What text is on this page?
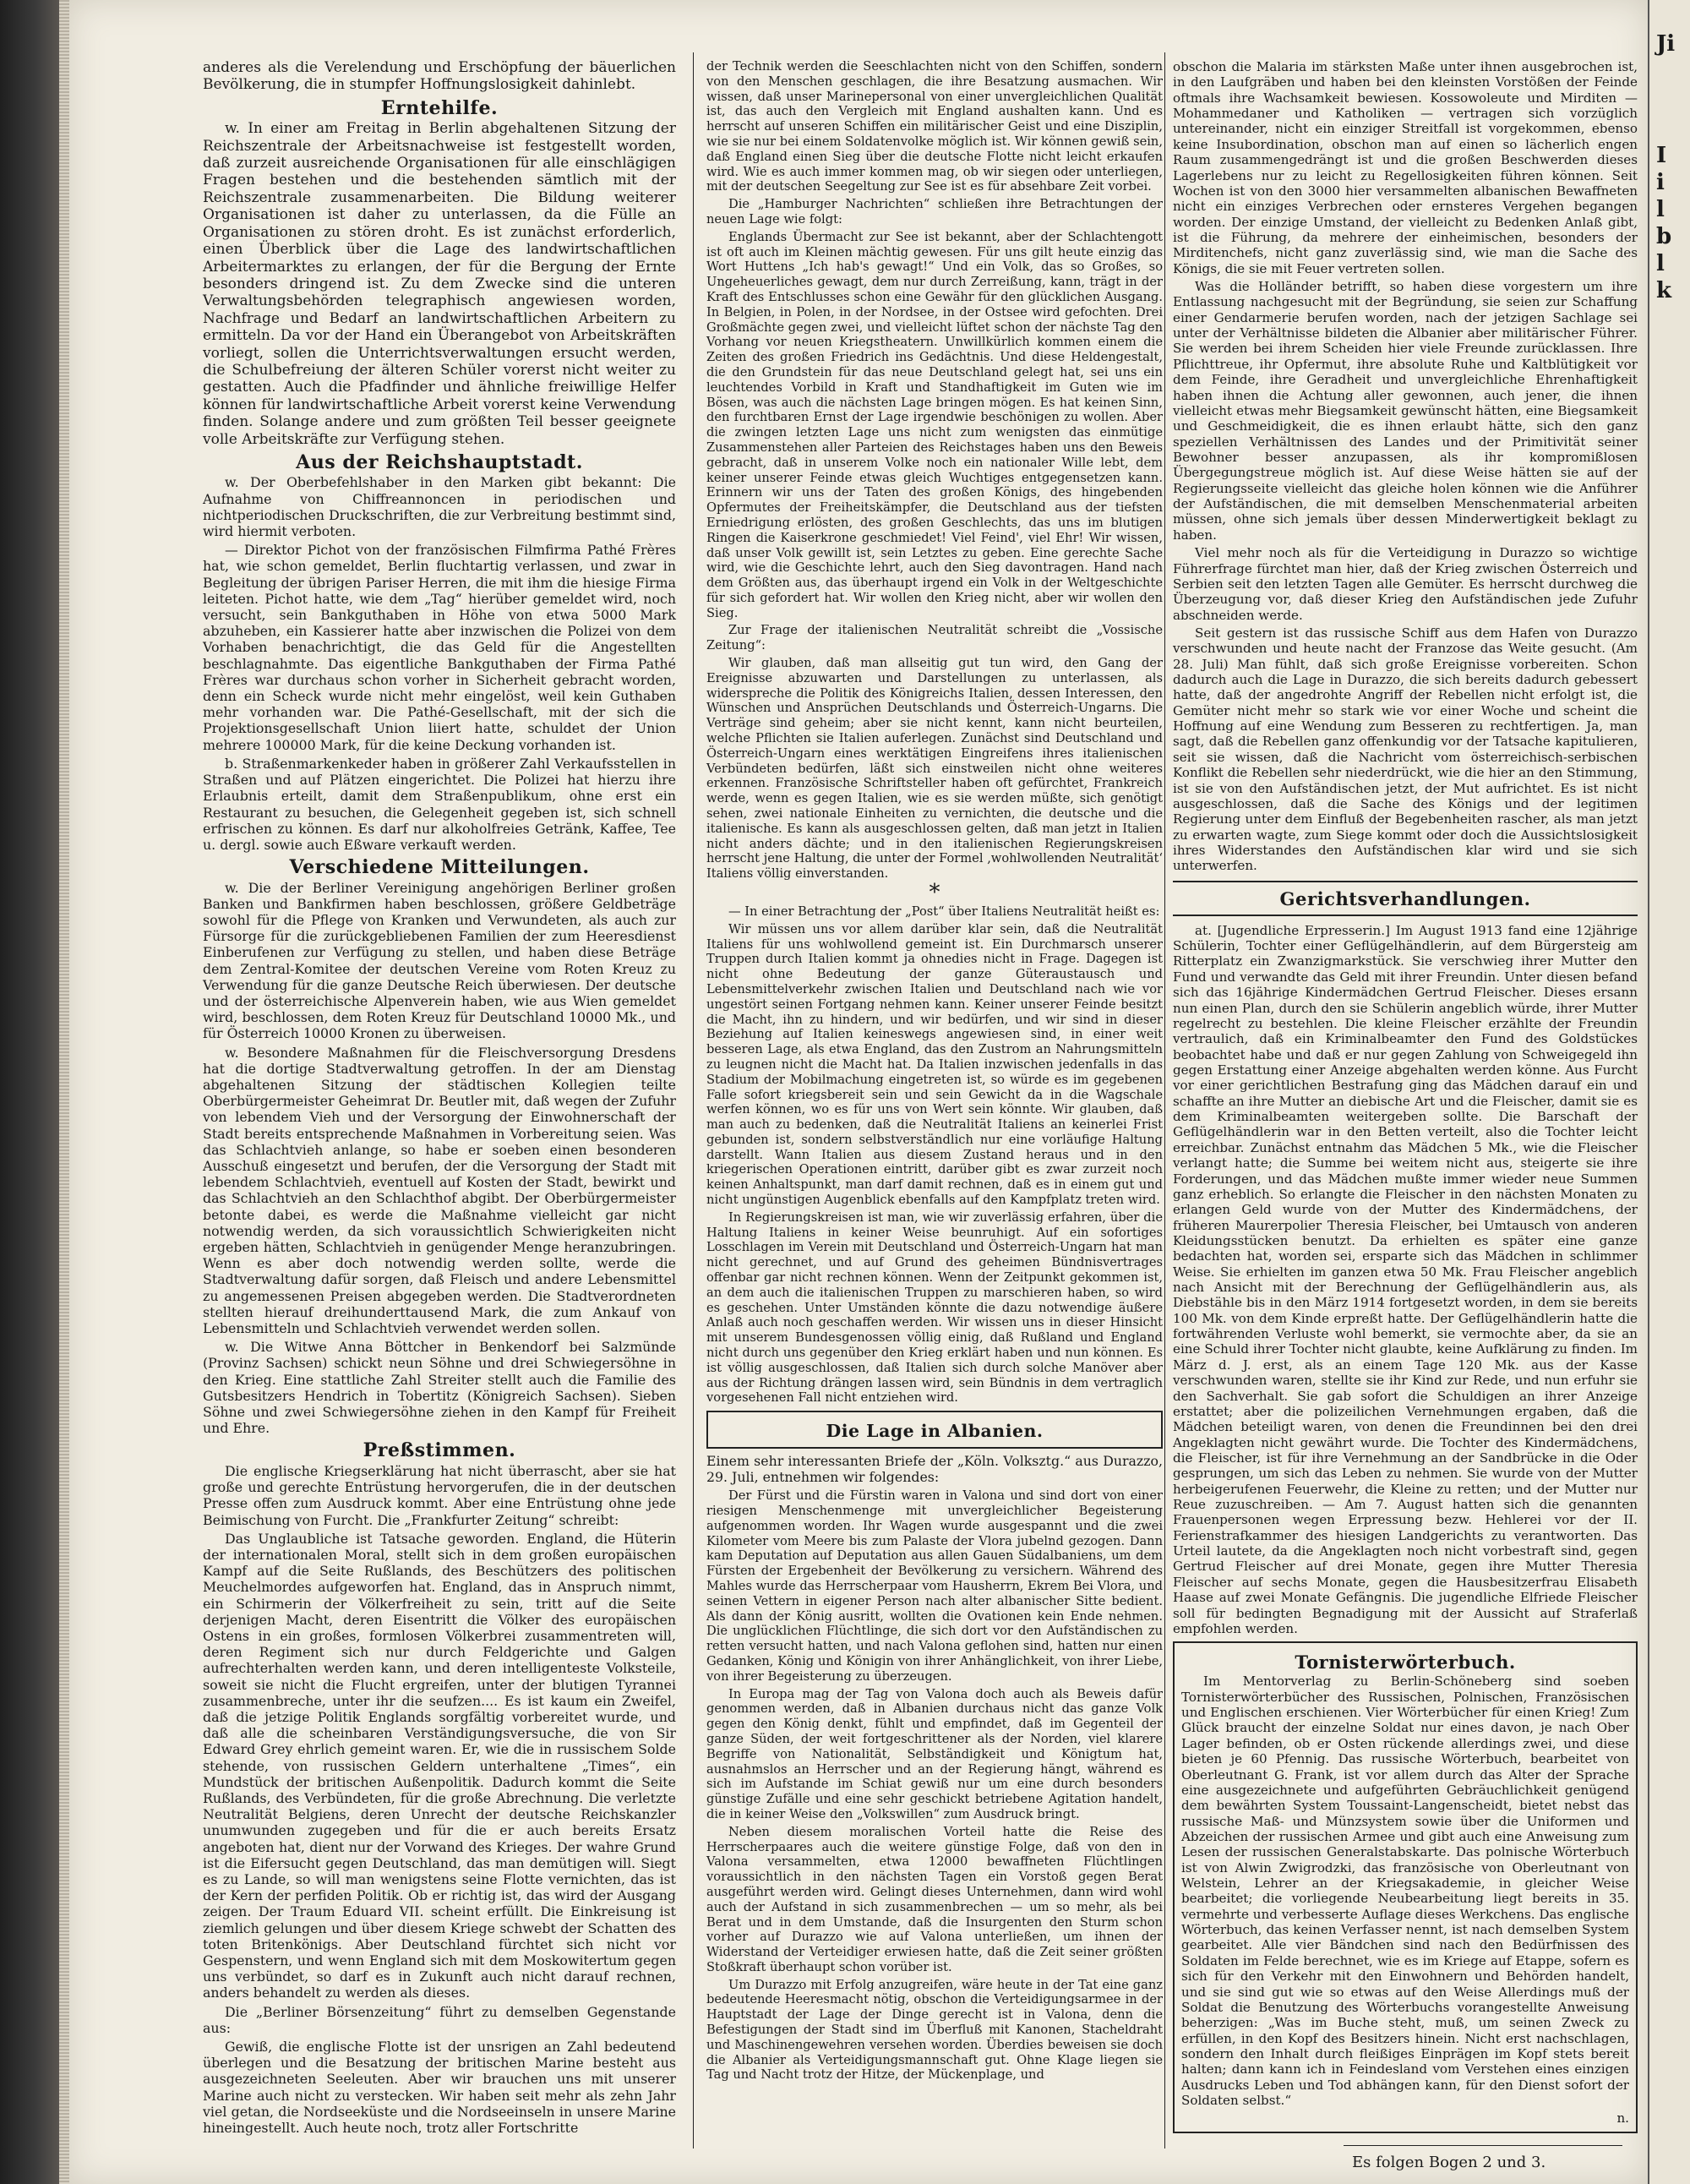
Ji
I
i
l
b
l
k

anderes als die Verelendung und Erschöpfung der bäuerlichen Bevölkerung, die in stumpfer Hoffnungslosigkeit dahinlebt.

Erntehilfe.

w. In einer am Freitag in Berlin abgehaltenen Sitzung der Reichszentrale der Arbeitsnachweise ist festgestellt worden, daß zurzeit ausreichende Organisationen für alle einschlägigen Fragen bestehen und die bestehenden sämtlich mit der Reichszentrale zusammenarbeiten. Die Bildung weiterer Organisationen ist daher zu unterlassen, da die Fülle an Organisationen zu stören droht. Es ist zunächst erforderlich, einen Überblick über die Lage des landwirtschaftlichen Arbeitermarktes zu erlangen, der für die Bergung der Ernte besonders dringend ist. Zu dem Zwecke sind die unteren Verwaltungsbehörden telegraphisch angewiesen worden, Nachfrage und Bedarf an landwirtschaftlichen Arbeitern zu ermitteln. Da vor der Hand ein Überangebot von Arbeitskräften vorliegt, sollen die Unterrichtsverwaltungen ersucht werden, die Schulbefreiung der älteren Schüler vorerst nicht weiter zu gestatten. Auch die Pfadfinder und ähnliche freiwillige Helfer können für landwirtschaftliche Arbeit vorerst keine Verwendung finden. Solange andere und zum größten Teil besser geeignete volle Arbeitskräfte zur Verfügung stehen.

Aus der Reichshauptstadt.

w. Der Oberbefehlshaber in den Marken gibt bekannt: Die Aufnahme von Chiffreannoncen in periodischen und nichtperiodischen Druckschriften, die zur Verbreitung bestimmt sind, wird hiermit verboten.

— Direktor Pichot von der französischen Filmfirma Pathé Frères hat, wie schon gemeldet, Berlin fluchtartig verlassen, und zwar in Begleitung der übrigen Pariser Herren, die mit ihm die hiesige Firma leiteten. Pichot hatte, wie dem „Tag“ hierüber gemeldet wird, noch versucht, sein Bankguthaben in Höhe von etwa 5000 Mark abzuheben, ein Kassierer hatte aber inzwischen die Polizei von dem Vorhaben benachrichtigt, die das Geld für die Angestellten beschlagnahmte. Das eigentliche Bankguthaben der Firma Pathé Frères war durchaus schon vorher in Sicherheit gebracht worden, denn ein Scheck wurde nicht mehr eingelöst, weil kein Guthaben mehr vorhanden war. Die Pathé-Gesellschaft, mit der sich die Projektionsgesellschaft Union liiert hatte, schuldet der Union mehrere 100000 Mark, für die keine Deckung vorhanden ist.

b. Straßenmarkenkeder haben in größerer Zahl Verkaufsstellen in Straßen und auf Plätzen eingerichtet. Die Polizei hat hierzu ihre Erlaubnis erteilt, damit dem Straßenpublikum, ohne erst ein Restaurant zu besuchen, die Gelegenheit gegeben ist, sich schnell erfrischen zu können. Es darf nur alkoholfreies Getränk, Kaffee, Tee u. dergl. sowie auch Eßware verkauft werden.

Verschiedene Mitteilungen.

w. Die der Berliner Vereinigung angehörigen Berliner großen Banken und Bankfirmen haben beschlossen, größere Geldbeträge sowohl für die Pflege von Kranken und Verwundeten, als auch zur Fürsorge für die zurückgebliebenen Familien der zum Heeresdienst Einberufenen zur Verfügung zu stellen, und haben diese Beträge dem Zentral-Komitee der deutschen Vereine vom Roten Kreuz zu Verwendung für die ganze Deutsche Reich überwiesen. Der deutsche und der österreichische Alpenverein haben, wie aus Wien gemeldet wird, beschlossen, dem Roten Kreuz für Deutschland 10000 Mk., und für Österreich 10000 Kronen zu überweisen.

w. Besondere Maßnahmen für die Fleischversorgung Dresdens hat die dortige Stadtverwaltung getroffen. In der am Dienstag abgehaltenen Sitzung der städtischen Kollegien teilte Oberbürgermeister Geheimrat Dr. Beutler mit, daß wegen der Zufuhr von lebendem Vieh und der Versorgung der Einwohnerschaft der Stadt bereits entsprechende Maßnahmen in Vorbereitung seien. Was das Schlachtvieh anlange, so habe er soeben einen besonderen Ausschuß eingesetzt und berufen, der die Versorgung der Stadt mit lebendem Schlachtvieh, eventuell auf Kosten der Stadt, bewirkt und das Schlachtvieh an den Schlachthof abgibt. Der Oberbürgermeister betonte dabei, es werde die Maßnahme vielleicht gar nicht notwendig werden, da sich voraussichtlich Schwierigkeiten nicht ergeben hätten, Schlachtvieh in genügender Menge heranzubringen. Wenn es aber doch notwendig werden sollte, werde die Stadtverwaltung dafür sorgen, daß Fleisch und andere Lebensmittel zu angemessenen Preisen abgegeben werden. Die Stadtverordneten stellten hierauf dreihunderttausend Mark, die zum Ankauf von Lebensmitteln und Schlachtvieh verwendet werden sollen.

w. Die Witwe Anna Böttcher in Benkendorf bei Salzmünde (Provinz Sachsen) schickt neun Söhne und drei Schwiegersöhne in den Krieg. Eine stattliche Zahl Streiter stellt auch die Familie des Gutsbesitzers Hendrich in Tobertitz (Königreich Sachsen). Sieben Söhne und zwei Schwiegersöhne ziehen in den Kampf für Freiheit und Ehre.

Preßstimmen.

Die englische Kriegserklärung hat nicht überrascht, aber sie hat große und gerechte Entrüstung hervorgerufen, die in der deutschen Presse offen zum Ausdruck kommt. Aber eine Entrüstung ohne jede Beimischung von Furcht. Die „Frankfurter Zeitung“ schreibt:

Das Unglaubliche ist Tatsache geworden. England, die Hüterin der internationalen Moral, stellt sich in dem großen europäischen Kampf auf die Seite Rußlands, des Beschützers des politischen Meuchelmordes aufgeworfen hat. England, das in Anspruch nimmt, ein Schirmerin der Völkerfreiheit zu sein, tritt auf die Seite derjenigen Macht, deren Eisentritt die Völker des europäischen Ostens in ein großes, formlosen Völkerbrei zusammentreten will, deren Regiment sich nur durch Feldgerichte und Galgen aufrechterhalten werden kann, und deren intelligenteste Volksteile, soweit sie nicht die Flucht ergreifen, unter der blutigen Tyrannei zusammenbreche, unter ihr die seufzen.... Es ist kaum ein Zweifel, daß die jetzige Politik Englands sorgfältig vorbereitet wurde, und daß alle die scheinbaren Verständigungsversuche, die von Sir Edward Grey ehrlich gemeint waren. Er, wie die in russischem Solde stehende, von russischen Geldern unterhaltene „Times“, ein Mundstück der britischen Außenpolitik. Dadurch kommt die Seite Rußlands, des Verbündeten, für die große Abrechnung. Die verletzte Neutralität Belgiens, deren Unrecht der deutsche Reichskanzler unumwunden zugegeben und für die er auch bereits Ersatz angeboten hat, dient nur der Vorwand des Krieges. Der wahre Grund ist die Eifersucht gegen Deutschland, das man demütigen will. Siegt es zu Lande, so will man wenigstens seine Flotte vernichten, das ist der Kern der perfiden Politik. Ob er richtig ist, das wird der Ausgang zeigen. Der Traum Eduard VII. scheint erfüllt. Die Einkreisung ist ziemlich gelungen und über diesem Kriege schwebt der Schatten des toten Britenkönigs. Aber Deutschland fürchtet sich nicht vor Gespenstern, und wenn England sich mit dem Moskowitertum gegen uns verbündet, so darf es in Zukunft auch nicht darauf rechnen, anders behandelt zu werden als dieses.

Die „Berliner Börsenzeitung“ führt zu demselben Gegenstande aus:

Gewiß, die englische Flotte ist der unsrigen an Zahl bedeutend überlegen und die Besatzung der britischen Marine besteht aus ausgezeichneten Seeleuten. Aber wir brauchen uns mit unserer Marine auch nicht zu verstecken. Wir haben seit mehr als zehn Jahr viel getan, die Nordseeküste und die Nordseeinseln in unsere Marine hineingestellt. Auch heute noch, trotz aller Fortschritte

der Technik werden die Seeschlachten nicht von den Schiffen, sondern von den Menschen geschlagen, die ihre Besatzung ausmachen. Wir wissen, daß unser Marinepersonal von einer unvergleichlichen Qualität ist, das auch den Vergleich mit England aushalten kann. Und es herrscht auf unseren Schiffen ein militärischer Geist und eine Disziplin, wie sie nur bei einem Soldatenvolke möglich ist. Wir können gewiß sein, daß England einen Sieg über die deutsche Flotte nicht leicht erkaufen wird. Wie es auch immer kommen mag, ob wir siegen oder unterliegen, mit der deutschen Seegeltung zur See ist es für absehbare Zeit vorbei.

Die „Hamburger Nachrichten“ schließen ihre Betrachtungen der neuen Lage wie folgt:

Englands Übermacht zur See ist bekannt, aber der Schlachtengott ist oft auch im Kleinen mächtig gewesen. Für uns gilt heute einzig das Wort Huttens „Ich hab's gewagt!“ Und ein Volk, das so Großes, so Ungeheuerliches gewagt, dem nur durch Zerreißung, kann, trägt in der Kraft des Entschlusses schon eine Gewähr für den glücklichen Ausgang. In Belgien, in Polen, in der Nordsee, in der Ostsee wird gefochten. Drei Großmächte gegen zwei, und vielleicht lüftet schon der nächste Tag den Vorhang vor neuen Kriegstheatern. Unwillkürlich kommen einem die Zeiten des großen Friedrich ins Gedächtnis. Und diese Heldengestalt, die den Grundstein für das neue Deutschland gelegt hat, sei uns ein leuchtendes Vorbild in Kraft und Standhaftigkeit im Guten wie im Bösen, was auch die nächsten Lage bringen mögen. Es hat keinen Sinn, den furchtbaren Ernst der Lage irgendwie beschönigen zu wollen. Aber die zwingen letzten Lage uns nicht zum wenigsten das einmütige Zusammenstehen aller Parteien des Reichstages haben uns den Beweis gebracht, daß in unserem Volke noch ein nationaler Wille lebt, dem keiner unserer Feinde etwas gleich Wuchtiges entgegensetzen kann. Erinnern wir uns der Taten des großen Königs, des hingebenden Opfermutes der Freiheitskämpfer, die Deutschland aus der tiefsten Erniedrigung erlösten, des großen Geschlechts, das uns im blutigen Ringen die Kaiserkrone geschmiedet! Viel Feind', viel Ehr! Wir wissen, daß unser Volk gewillt ist, sein Letztes zu geben. Eine gerechte Sache wird, wie die Geschichte lehrt, auch den Sieg davontragen. Hand nach dem Größten aus, das überhaupt irgend ein Volk in der Weltgeschichte für sich gefordert hat. Wir wollen den Krieg nicht, aber wir wollen den Sieg.

Zur Frage der italienischen Neutralität schreibt die „Vossische Zeitung“:

Wir glauben, daß man allseitig gut tun wird, den Gang der Ereignisse abzuwarten und Darstellungen zu unterlassen, als widerspreche die Politik des Königreichs Italien, dessen Interessen, den Wünschen und Ansprüchen Deutschlands und Österreich-Ungarns. Die Verträge sind geheim; aber sie nicht kennt, kann nicht beurteilen, welche Pflichten sie Italien auferlegen. Zunächst sind Deutschland und Österreich-Ungarn eines werktätigen Eingreifens ihres italienischen Verbündeten bedürfen, läßt sich einstweilen nicht ohne weiteres erkennen. Französische Schriftsteller haben oft gefürchtet, Frankreich werde, wenn es gegen Italien, wie es sie werden müßte, sich genötigt sehen, zwei nationale Einheiten zu vernichten, die deutsche und die italienische. Es kann als ausgeschlossen gelten, daß man jetzt in Italien nicht anders dächte; und in den italienischen Regierungskreisen herrscht jene Haltung, die unter der Formel ‚wohlwollenden Neutralität‘ Italiens völlig einverstanden.

*

— In einer Betrachtung der „Post“ über Italiens Neutralität heißt es:

Wir müssen uns vor allem darüber klar sein, daß die Neutralität Italiens für uns wohlwollend gemeint ist. Ein Durchmarsch unserer Truppen durch Italien kommt ja ohnedies nicht in Frage. Dagegen ist nicht ohne Bedeutung der ganze Güteraustausch und Lebensmittelverkehr zwischen Italien und Deutschland nach wie vor ungestört seinen Fortgang nehmen kann. Keiner unserer Feinde besitzt die Macht, ihn zu hindern, und wir bedürfen, und wir sind in dieser Beziehung auf Italien keineswegs angewiesen sind, in einer weit besseren Lage, als etwa England, das den Zustrom an Nahrungsmitteln zu leugnen nicht die Macht hat. Da Italien inzwischen jedenfalls in das Stadium der Mobilmachung eingetreten ist, so würde es im gegebenen Falle sofort kriegsbereit sein und sein Gewicht da in die Wagschale werfen können, wo es für uns von Wert sein könnte. Wir glauben, daß man auch zu bedenken, daß die Neutralität Italiens an keinerlei Frist gebunden ist, sondern selbstverständlich nur eine vorläufige Haltung darstellt. Wann Italien aus diesem Zustand heraus und in den kriegerischen Operationen eintritt, darüber gibt es zwar zurzeit noch keinen Anhaltspunkt, man darf damit rechnen, daß es in einem gut und nicht ungünstigen Augenblick ebenfalls auf den Kampfplatz treten wird.

In Regierungskreisen ist man, wie wir zuverlässig erfahren, über die Haltung Italiens in keiner Weise beunruhigt. Auf ein sofortiges Losschlagen im Verein mit Deutschland und Österreich-Ungarn hat man nicht gerechnet, und auf Grund des geheimen Bündnisvertrages offenbar gar nicht rechnen können. Wenn der Zeitpunkt gekommen ist, an dem auch die italienischen Truppen zu marschieren haben, so wird es geschehen. Unter Umständen könnte die dazu notwendige äußere Anlaß auch noch geschaffen werden. Wir wissen uns in dieser Hinsicht mit unserem Bundesgenossen völlig einig, daß Rußland und England nicht durch uns gegenüber den Krieg erklärt haben und nun können. Es ist völlig ausgeschlossen, daß Italien sich durch solche Manöver aber aus der Richtung drängen lassen wird, sein Bündnis in dem vertraglich vorgesehenen Fall nicht entziehen wird.

Die Lage in Albanien.

Einem sehr interessanten Briefe der „Köln. Volksztg.“ aus Durazzo, 29. Juli, entnehmen wir folgendes:

Der Fürst und die Fürstin waren in Valona und sind dort von einer riesigen Menschenmenge mit unvergleichlicher Begeisterung aufgenommen worden. Ihr Wagen wurde ausgespannt und die zwei Kilometer vom Meere bis zum Palaste der Vlora jubelnd gezogen. Dann kam Deputation auf Deputation aus allen Gauen Südalbaniens, um dem Fürsten der Ergebenheit der Bevölkerung zu versichern. Während des Mahles wurde das Herrscherpaar vom Hausherrn, Ekrem Bei Vlora, und seinen Vettern in eigener Person nach alter albanischer Sitte bedient. Als dann der König ausritt, wollten die Ovationen kein Ende nehmen. Die unglücklichen Flüchtlinge, die sich dort vor den Aufständischen zu retten versucht hatten, und nach Valona geflohen sind, hatten nur einen Gedanken, König und Königin von ihrer Anhänglichkeit, von ihrer Liebe, von ihrer Begeisterung zu überzeugen.

In Europa mag der Tag von Valona doch auch als Beweis dafür genommen werden, daß in Albanien durchaus nicht das ganze Volk gegen den König denkt, fühlt und empfindet, daß im Gegenteil der ganze Süden, der weit fortgeschrittener als der Norden, viel klarere Begriffe von Nationalität, Selbständigkeit und Königtum hat, ausnahmslos an Herrscher und an der Regierung hängt, während es sich im Aufstande im Schiat gewiß nur um eine durch besonders günstige Zufälle und eine sehr geschickt betriebene Agitation handelt, die in keiner Weise den „Volkswillen“ zum Ausdruck bringt.

Neben diesem moralischen Vorteil hatte die Reise des Herrscherpaares auch die weitere günstige Folge, daß von den in Valona versammelten, etwa 12000 bewaffneten Flüchtlingen voraussichtlich in den nächsten Tagen ein Vorstoß gegen Berat ausgeführt werden wird. Gelingt dieses Unternehmen, dann wird wohl auch der Aufstand in sich zusammenbrechen — um so mehr, als bei Berat und in dem Umstande, daß die Insurgenten den Sturm schon vorher auf Durazzo wie auf Valona unterließen, um ihnen der Widerstand der Verteidiger erwiesen hatte, daß die Zeit seiner größten Stoßkraft überhaupt schon vorüber ist.

Um Durazzo mit Erfolg anzugreifen, wäre heute in der Tat eine ganz bedeutende Heeresmacht nötig, obschon die Verteidigungsarmee in der Hauptstadt der Lage der Dinge gerecht ist in Valona, denn die Befestigungen der Stadt sind im Überfluß mit Kanonen, Stacheldraht und Maschinengewehren versehen worden. Überdies beweisen sie doch die Albanier als Verteidigungsmannschaft gut. Ohne Klage liegen sie Tag und Nacht trotz der Hitze, der Mückenplage, und

obschon die Malaria im stärksten Maße unter ihnen ausgebrochen ist, in den Laufgräben und haben bei den kleinsten Vorstößen der Feinde oftmals ihre Wachsamkeit bewiesen. Kossowoleute und Mirditen — Mohammedaner und Katholiken — vertragen sich vorzüglich untereinander, nicht ein einziger Streitfall ist vorgekommen, ebenso keine Insubordination, obschon man auf einen so lächerlich engen Raum zusammengedrängt ist und die großen Beschwerden dieses Lagerlebens nur zu leicht zu Regellosigkeiten führen können. Seit Wochen ist von den 3000 hier versammelten albanischen Bewaffneten nicht ein einziges Verbrechen oder ernsteres Vergehen begangen worden. Der einzige Umstand, der vielleicht zu Bedenken Anlaß gibt, ist die Führung, da mehrere der einheimischen, besonders der Mirditenchefs, nicht ganz zuverlässig sind, wie man die Sache des Königs, die sie mit Feuer vertreten sollen.

Was die Holländer betrifft, so haben diese vorgestern um ihre Entlassung nachgesucht mit der Begründung, sie seien zur Schaffung einer Gendarmerie berufen worden, nach der jetzigen Sachlage sei unter der Verhältnisse bildeten die Albanier aber militärischer Führer. Sie werden bei ihrem Scheiden hier viele Freunde zurücklassen. Ihre Pflichttreue, ihr Opfermut, ihre absolute Ruhe und Kaltblütigkeit vor dem Feinde, ihre Geradheit und unvergleichliche Ehrenhaftigkeit haben ihnen die Achtung aller gewonnen, auch jener, die ihnen vielleicht etwas mehr Biegsamkeit gewünscht hätten, eine Biegsamkeit und Geschmeidigkeit, die es ihnen erlaubt hätte, sich den ganz speziellen Verhältnissen des Landes und der Primitivität seiner Bewohner besser anzupassen, als ihr kompromißlosen Übergegungstreue möglich ist. Auf diese Weise hätten sie auf der Regierungsseite vielleicht das gleiche holen können wie die Anführer der Aufständischen, die mit demselben Menschenmaterial arbeiten müssen, ohne sich jemals über dessen Minderwertigkeit beklagt zu haben.

Viel mehr noch als für die Verteidigung in Durazzo so wichtige Führerfrage fürchtet man hier, daß der Krieg zwischen Österreich und Serbien seit den letzten Tagen alle Gemüter. Es herrscht durchweg die Überzeugung vor, daß dieser Krieg den Aufständischen jede Zufuhr abschneiden werde.

Seit gestern ist das russische Schiff aus dem Hafen von Durazzo verschwunden und heute nacht der Franzose das Weite gesucht. (Am 28. Juli) Man fühlt, daß sich große Ereignisse vorbereiten. Schon dadurch auch die Lage in Durazzo, die sich bereits dadurch gebessert hatte, daß der angedrohte Angriff der Rebellen nicht erfolgt ist, die Gemüter nicht mehr so stark wie vor einer Woche und scheint die Hoffnung auf eine Wendung zum Besseren zu rechtfertigen. Ja, man sagt, daß die Rebellen ganz offenkundig vor der Tatsache kapitulieren, seit sie wissen, daß die Nachricht vom österreichisch-serbischen Konflikt die Rebellen sehr niederdrückt, wie die hier an den Stimmung, ist sie von den Aufständischen jetzt, der Mut aufrichtet. Es ist nicht ausgeschlossen, daß die Sache des Königs und der legitimen Regierung unter dem Einfluß der Begebenheiten rascher, als man jetzt zu erwarten wagte, zum Siege kommt oder doch die Aussichtslosigkeit ihres Widerstandes den Aufständischen klar wird und sie sich unterwerfen.

Gerichtsverhandlungen.

at. [Jugendliche Erpresserin.] Im August 1913 fand eine 12jährige Schülerin, Tochter einer Geflügelhändlerin, auf dem Bürgersteig am Ritterplatz ein Zwanzigmarkstück. Sie verschwieg ihrer Mutter den Fund und verwandte das Geld mit ihrer Freundin. Unter diesen befand sich das 16jährige Kindermädchen Gertrud Fleischer. Dieses ersann nun einen Plan, durch den sie Schülerin angeblich würde, ihrer Mutter regelrecht zu bestehlen. Die kleine Fleischer erzählte der Freundin vertraulich, daß ein Kriminalbeamter den Fund des Goldstückes beobachtet habe und daß er nur gegen Zahlung von Schweigegeld ihn gegen Erstattung einer Anzeige abgehalten werden könne. Aus Furcht vor einer gerichtlichen Bestrafung ging das Mädchen darauf ein und schaffte an ihre Mutter an diebische Art und die Fleischer, damit sie es dem Kriminalbeamten weitergeben sollte. Die Barschaft der Geflügelhändlerin war in den Betten verteilt, also die Tochter leicht erreichbar. Zunächst entnahm das Mädchen 5 Mk., wie die Fleischer verlangt hatte; die Summe bei weitem nicht aus, steigerte sie ihre Forderungen, und das Mädchen mußte immer wieder neue Summen ganz erheblich. So erlangte die Fleischer in den nächsten Monaten zu erlangen Geld wurde von der Mutter des Kindermädchens, der früheren Maurerpolier Theresia Fleischer, bei Umtausch von anderen Kleidungsstücken benutzt. Da erhielten es später eine ganze bedachten hat, worden sei, ersparte sich das Mädchen in schlimmer Weise. Sie erhielten im ganzen etwa 50 Mk. Frau Fleischer angeblich nach Ansicht mit der Berechnung der Geflügelhändlerin aus, als Diebstähle bis in den März 1914 fortgesetzt worden, in dem sie bereits 100 Mk. von dem Kinde erpreßt hatte. Der Geflügelhändlerin hatte die fortwährenden Verluste wohl bemerkt, sie vermochte aber, da sie an eine Schuld ihrer Tochter nicht glaubte, keine Aufklärung zu finden. Im März d. J. erst, als an einem Tage 120 Mk. aus der Kasse verschwunden waren, stellte sie ihr Kind zur Rede, und nun erfuhr sie den Sachverhalt. Sie gab sofort die Schuldigen an ihrer Anzeige erstattet; aber die polizeilichen Vernehmungen ergaben, daß die Mädchen beteiligt waren, von denen die Freundinnen bei den drei Angeklagten nicht gewährt wurde. Die Tochter des Kindermädchens, die Fleischer, ist für ihre Vernehmung an der Sandbrücke in die Oder gesprungen, um sich das Leben zu nehmen. Sie wurde von der Mutter herbeigerufenen Feuerwehr, die Kleine zu retten; und der Mutter nur Reue zuzuschreiben. — Am 7. August hatten sich die genannten Frauenpersonen wegen Erpressung bezw. Hehlerei vor der II. Ferienstrafkammer des hiesigen Landgerichts zu verantworten. Das Urteil lautete, da die Angeklagten noch nicht vorbestraft sind, gegen Gertrud Fleischer auf drei Monate, gegen ihre Mutter Theresia Fleischer auf sechs Monate, gegen die Hausbesitzerfrau Elisabeth Haase auf zwei Monate Gefängnis. Die jugendliche Elfriede Fleischer soll für bedingten Begnadigung mit der Aussicht auf Straferlaß empfohlen werden.

Tornisterwörterbuch.

Im Mentorverlag zu Berlin-Schöneberg sind soeben Tornisterwörterbücher des Russischen, Polnischen, Französischen und Englischen erschienen. Vier Wörterbücher für einen Krieg! Zum Glück braucht der einzelne Soldat nur eines davon, je nach Ober Lager befinden, ob er Osten rückende allerdings zwei, und diese bieten je 60 Pfennig. Das russische Wörterbuch, bearbeitet von Oberleutnant G. Frank, ist vor allem durch das Alter der Sprache eine ausgezeichnete und aufgeführten Gebräuchlichkeit genügend dem bewährten System Toussaint-Langenscheidt, bietet nebst das russische Maß- und Münzsystem sowie über die Uniformen und Abzeichen der russischen Armee und gibt auch eine Anweisung zum Lesen der russischen Generalstabskarte. Das polnische Wörterbuch ist von Alwin Zwigrodzki, das französische von Oberleutnant von Welstein, Lehrer an der Kriegsakademie, in gleicher Weise bearbeitet; die vorliegende Neubearbeitung liegt bereits in 35. vermehrte und verbesserte Auflage dieses Werkchens. Das englische Wörterbuch, das keinen Verfasser nennt, ist nach demselben System gearbeitet. Alle vier Bändchen sind nach den Bedürfnissen des Soldaten im Felde berechnet, wie es im Kriege auf Etappe, sofern es sich für den Verkehr mit den Einwohnern und Behörden handelt, und sie sind gut wie so etwas auf den Weise Allerdings muß der Soldat die Benutzung des Wörterbuchs vorangestellte Anweisung beherzigen: „Was im Buche steht, muß, um seinen Zweck zu erfüllen, in den Kopf des Besitzers hinein. Nicht erst nachschlagen, sondern den Inhalt durch fleißiges Einprägen im Kopf stets bereit halten; dann kann ich in Feindesland vom Verstehen eines einzigen Ausdrucks Leben und Tod abhängen kann, für den Dienst sofort der Soldaten selbst.“

n.
Es folgen Bogen 2 und 3.
